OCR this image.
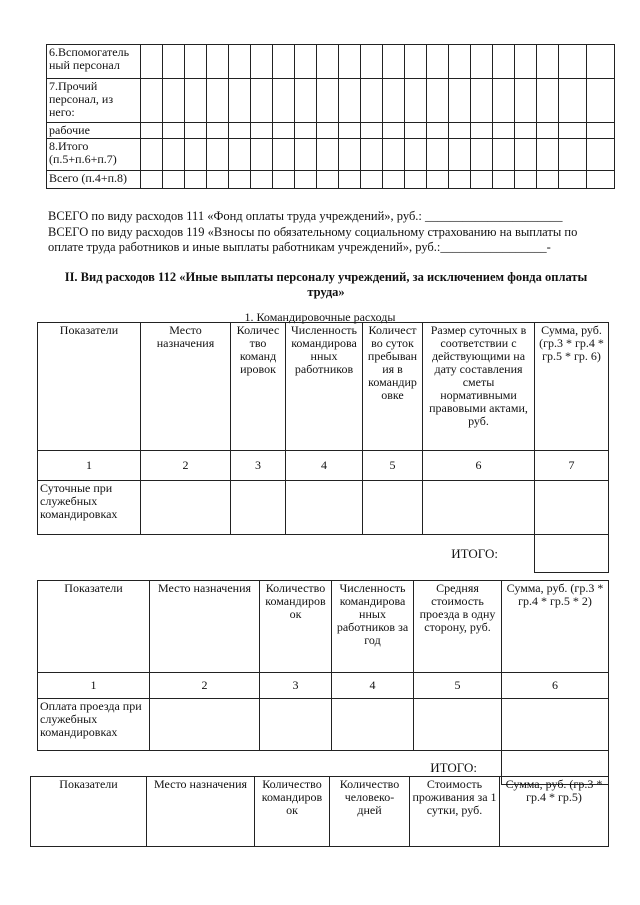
6.Вспомогатель ный персонал																					
7.Прочий персонал, из него:																					
рабочие																					
8.Итого (п.5+п.6+п.7)																					
Всего (п.4+п.8)																					
ВСЕГО по виду расходов 111 «Фонд оплаты труда учреждений», руб.: ______________________
ВСЕГО по виду расходов 119 «Взносы по обязательному социальному страхованию на выплаты по оплате труда работников и иные выплаты работникам учреждений», руб.:_________________-
II. Вид расходов 112 «Иные выплаты персоналу учреждений, за исключением фонда оплаты труда»
1. Командировочные расходы
Показатели	Место назначения	Количес тво команд ировок	Численность командирова нных работников	Количест во суток пребыван ия в командир овке	Размер суточных в соответствии с действующими на дату составления сметы нормативными правовыми актами, руб.	Сумма, руб. (гр.3 * гр.4 * гр.5 * гр. 6)
1	2	3	4	5	6	7
Суточные при служебных командировках						
ИТОГО:						
Показатели	Место назначения	Количество командиров ок	Численность командирова нных работников за год	Средняя стоимость проезда в одну сторону, руб.	Сумма, руб. (гр.3 * гр.4 * гр.5 * 2)
1	2	3	4	5	6
Оплата проезда при служебных командировках					
ИТОГО:					
Показатели	Место назначения	Количество командиров ок	Количество человеко- дней	Стоимость проживания за 1 сутки, руб.	Сумма, руб. (гр.3 * гр.4 * гр.5)
